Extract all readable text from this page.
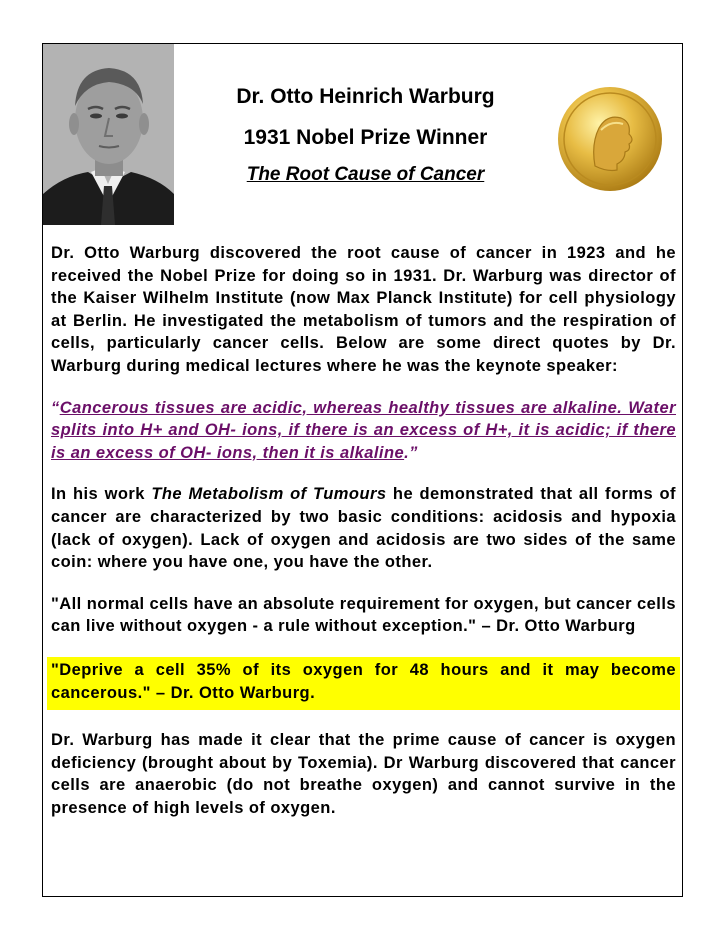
Dr. Otto Heinrich Warburg
1931 Nobel Prize Winner
The Root Cause of Cancer

Dr. Otto Warburg discovered the root cause of cancer in 1923 and he received the Nobel Prize for doing so in 1931. Dr. Warburg was director of the Kaiser Wilhelm Institute (now Max Planck Institute) for cell physiology at Berlin. He investigated the metabolism of tumors and the respiration of cells, particularly cancer cells. Below are some direct quotes by Dr. Warburg during medical lectures where he was the keynote speaker:

“Cancerous tissues are acidic, whereas healthy tissues are alkaline. Water splits into H+ and OH- ions, if there is an excess of H+, it is acidic; if there is an excess of OH- ions, then it is alkaline.”

In his work The Metabolism of Tumours he demonstrated that all forms of cancer are characterized by two basic conditions: acidosis and hypoxia (lack of oxygen). Lack of oxygen and acidosis are two sides of the same coin: where you have one, you have the other.

"All normal cells have an absolute requirement for oxygen, but cancer cells can live without oxygen - a rule without exception." – Dr. Otto Warburg

"Deprive a cell 35% of its oxygen for 48 hours and it may become cancerous." – Dr. Otto Warburg.

Dr. Warburg has made it clear that the prime cause of cancer is oxygen deficiency (brought about by Toxemia). Dr Warburg discovered that cancer cells are anaerobic (do not breathe oxygen) and cannot survive in the presence of high levels of oxygen.
